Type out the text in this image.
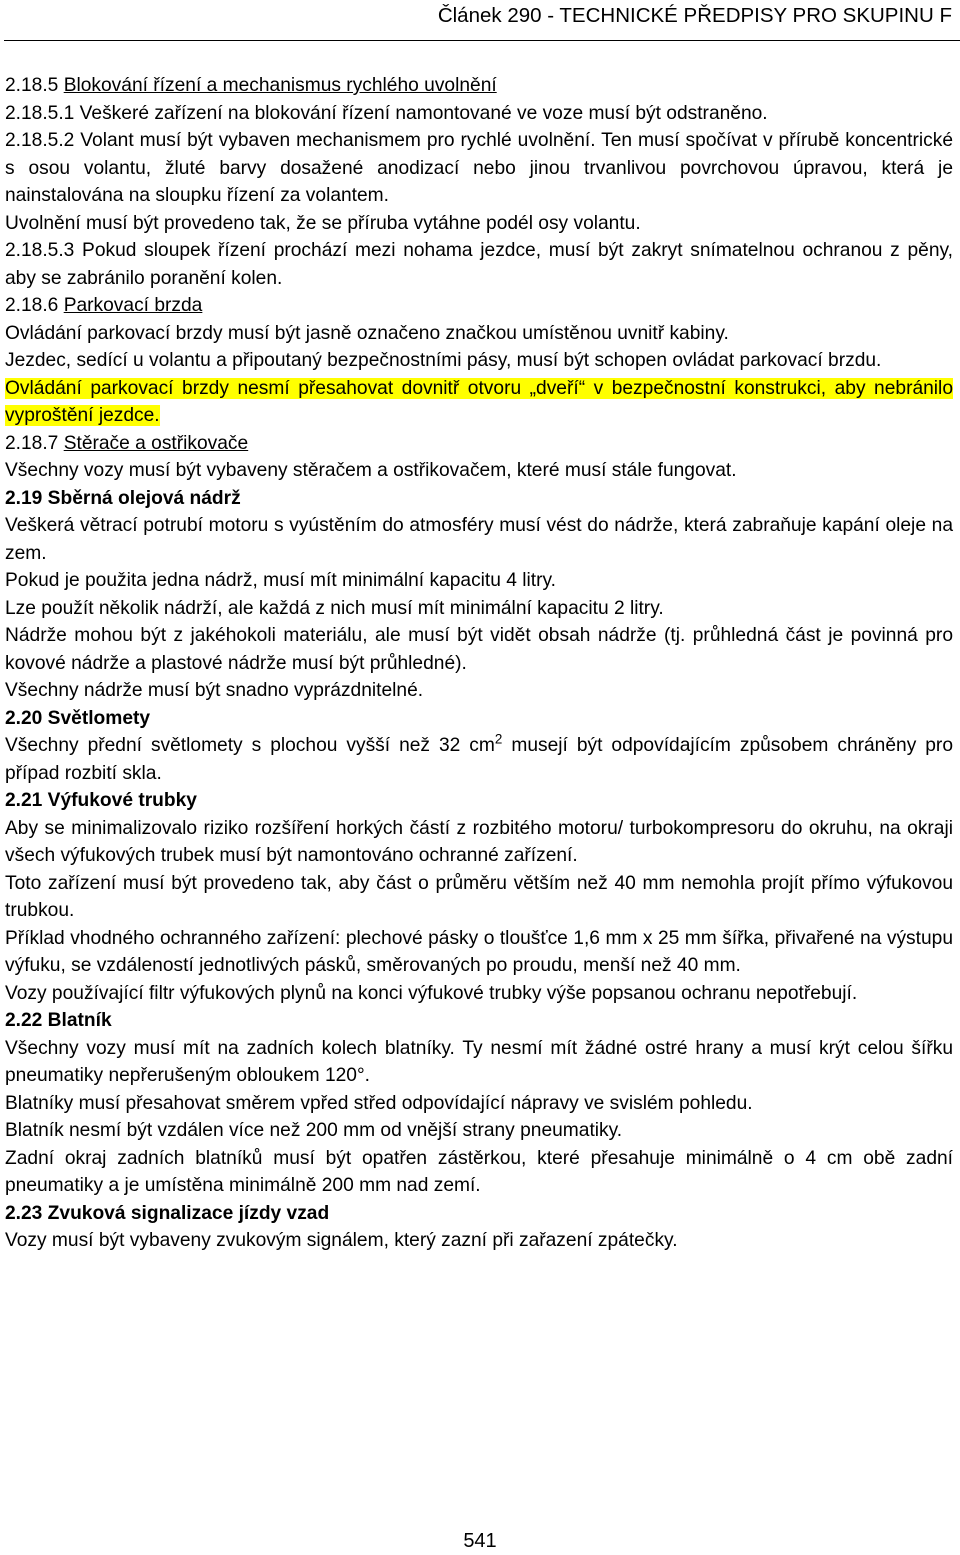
Článek 290 - TECHNICKÉ PŘEDPISY PRO SKUPINU F

2.18.5 Blokování řízení a mechanismus rychlého uvolnění

2.18.5.1 Veškeré zařízení na blokování řízení namontované ve voze musí být odstraněno.

2.18.5.2 Volant musí být vybaven mechanismem pro rychlé uvolnění. Ten musí spočívat v přírubě koncentrické s osou volantu, žluté barvy dosažené anodizací nebo jinou trvanlivou povrchovou úpravou, která je nainstalována na sloupku řízení za volantem.

Uvolnění musí být provedeno tak, že se příruba vytáhne podél osy volantu.

2.18.5.3 Pokud sloupek řízení prochází mezi nohama jezdce, musí být zakryt snímatelnou ochranou z pěny, aby se zabránilo poranění kolen.

2.18.6 Parkovací brzda

Ovládání parkovací brzdy musí být jasně označeno značkou umístěnou uvnitř kabiny.

Jezdec, sedící u volantu a připoutaný bezpečnostními pásy, musí být schopen ovládat parkovací brzdu.

Ovládání parkovací brzdy nesmí přesahovat dovnitř otvoru „dveří“ v bezpečnostní konstrukci, aby nebránilo vyproštění jezdce.

2.18.7 Stěrače a ostřikovače

Všechny vozy musí být vybaveny stěračem a ostřikovačem, které musí stále fungovat.

2.19 Sběrná olejová nádrž

Veškerá větrací potrubí motoru s vyústěním do atmosféry musí vést do nádrže, která zabraňuje kapání oleje na zem.

Pokud je použita jedna nádrž, musí mít minimální kapacitu 4 litry.

Lze použít několik nádrží, ale každá z nich musí mít minimální kapacitu 2 litry.

Nádrže mohou být z jakéhokoli materiálu, ale musí být vidět obsah nádrže (tj. průhledná část je povinná pro kovové nádrže a plastové nádrže musí být průhledné).

Všechny nádrže musí být snadno vyprázdnitelné.

2.20 Světlomety

Všechny přední světlomety s plochou vyšší než 32 $cm^2$ musejí být odpovídajícím způsobem chráněny pro případ rozbití skla.

2.21 Výfukové trubky

Aby se minimalizovalo riziko rozšíření horkých částí z rozbitého motoru/ turbokompresoru do okruhu, na okraji všech výfukových trubek musí být namontováno ochranné zařízení.

Toto zařízení musí být provedeno tak, aby část o průměru větším než 40 mm nemohla projít přímo výfukovou trubkou.

Příklad vhodného ochranného zařízení: plechové pásky o tloušťce 1,6 mm x 25 mm šířka, přivařené na výstupu výfuku, se vzdáleností jednotlivých pásků, směrovaných po proudu, menší než 40 mm.

Vozy používající filtr výfukových plynů na konci výfukové trubky výše popsanou ochranu nepotřebují.

2.22 Blatník

Všechny vozy musí mít na zadních kolech blatníky. Ty nesmí mít žádné ostré hrany a musí krýt celou šířku pneumatiky nepřerušeným obloukem 120°.

Blatníky musí přesahovat směrem vpřed střed odpovídající nápravy ve svislém pohledu.

Blatník nesmí být vzdálen více než 200 mm od vnější strany pneumatiky.

Zadní okraj zadních blatníků musí být opatřen zástěrkou, které přesahuje minimálně o 4 cm obě zadní pneumatiky a je umístěna minimálně 200 mm nad zemí.

2.23 Zvuková signalizace jízdy vzad

Vozy musí být vybaveny zvukovým signálem, který zazní při zařazení zpátečky.

541
